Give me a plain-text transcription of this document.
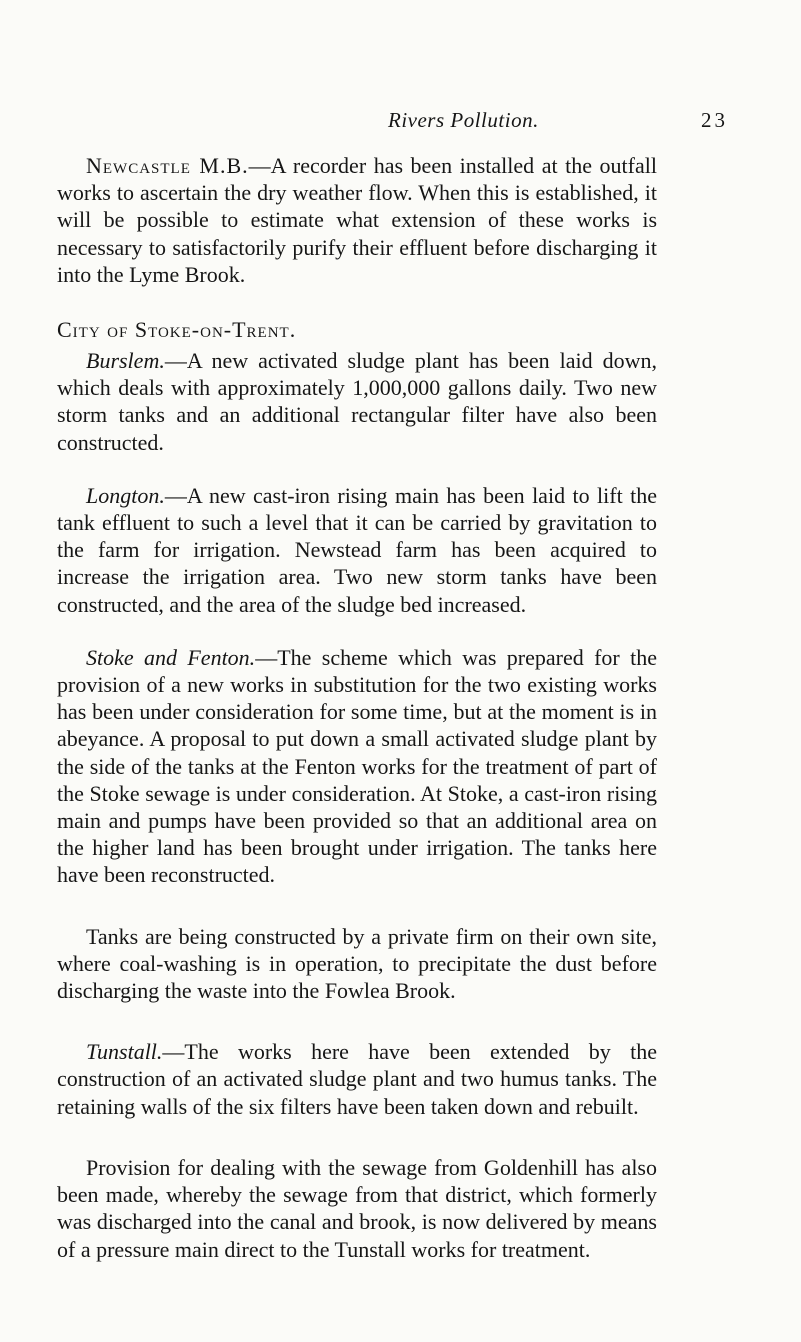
Rivers Pollution.	23

Newcastle M.B.—A recorder has been installed at the outfall works to ascertain the dry weather flow. When this is established, it will be possible to estimate what extension of these works is necessary to satisfactorily purify their effluent before discharging it into the Lyme Brook.

City of Stoke-on-Trent.

Burslem.—A new activated sludge plant has been laid down, which deals with approximately 1,000,000 gallons daily. Two new storm tanks and an additional rectangular filter have also been constructed.

Longton.—A new cast-iron rising main has been laid to lift the tank effluent to such a level that it can be carried by gravitation to the farm for irrigation. Newstead farm has been acquired to increase the irrigation area. Two new storm tanks have been constructed, and the area of the sludge bed increased.

Stoke and Fenton.—The scheme which was prepared for the provision of a new works in substitution for the two existing works has been under consideration for some time, but at the moment is in abeyance. A proposal to put down a small activated sludge plant by the side of the tanks at the Fenton works for the treatment of part of the Stoke sewage is under consideration. At Stoke, a cast-iron rising main and pumps have been provided so that an additional area on the higher land has been brought under irrigation. The tanks here have been reconstructed.

Tanks are being constructed by a private firm on their own site, where coal-washing is in operation, to precipitate the dust before discharging the waste into the Fowlea Brook.

Tunstall.—The works here have been extended by the construction of an activated sludge plant and two humus tanks. The retaining walls of the six filters have been taken down and rebuilt.

Provision for dealing with the sewage from Goldenhill has also been made, whereby the sewage from that district, which formerly was discharged into the canal and brook, is now delivered by means of a pressure main direct to the Tunstall works for treatment.
